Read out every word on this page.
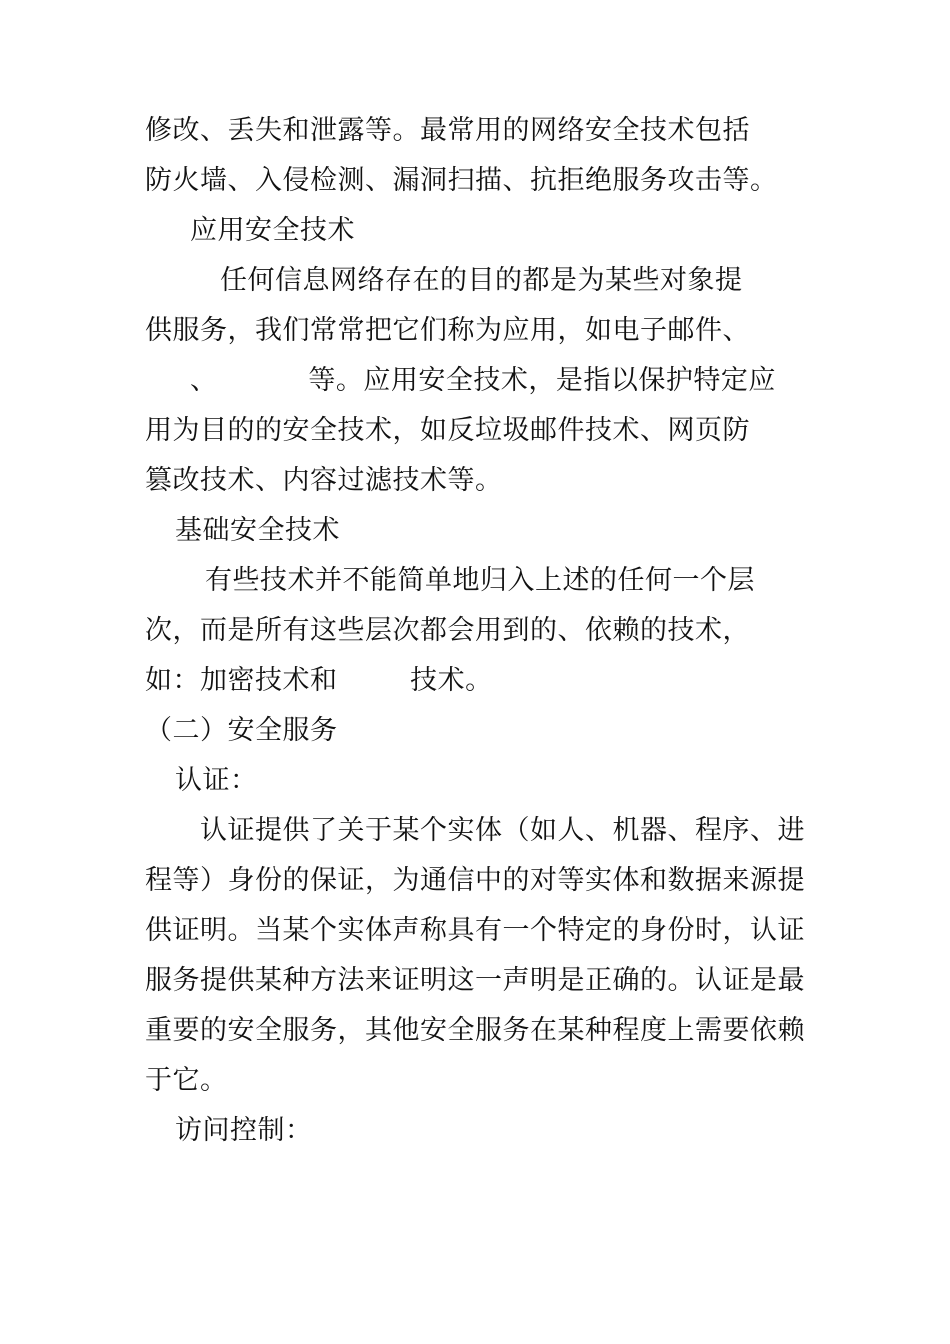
修改、丢失和泄露等。最常用的网络安全技术包括
防火墙、入侵检测、漏洞扫描、抗拒绝服务攻击等。
应用安全技术
任何信息网络存在的目的都是为某些对象提
供服务，我们常常把它们称为应用，如电子邮件、
、          等。应用安全技术，是指以保护特定应
用为目的的安全技术，如反垃圾邮件技术、网页防
篡改技术、内容过滤技术等。
基础安全技术
有些技术并不能简单地归入上述的任何一个层
次，而是所有这些层次都会用到的、依赖的技术，
如：加密技术和        技术。
（二）安全服务
认证：
认证提供了关于某个实体（如人、机器、程序、进
程等）身份的保证，为通信中的对等实体和数据来源提
供证明。当某个实体声称具有一个特定的身份时，认证
服务提供某种方法来证明这一声明是正确的。认证是最
重要的安全服务，其他安全服务在某种程度上需要依赖
于它。
访问控制：
